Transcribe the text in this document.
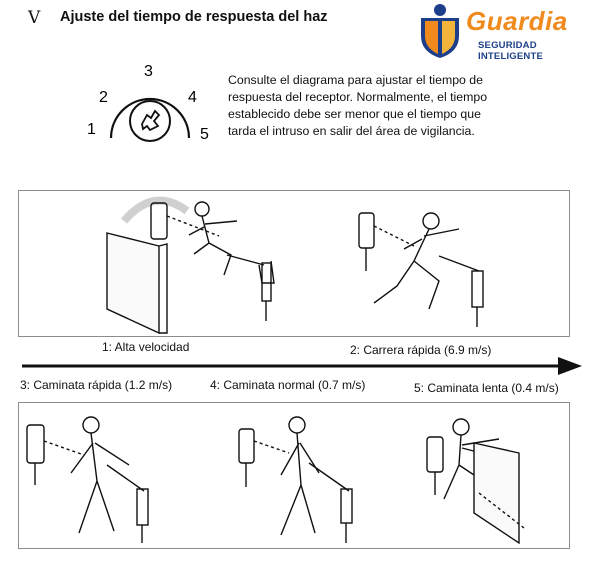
V Ajuste del tiempo de respuesta del haz	Guardia
SEGURIDAD INTELIGENTE
1
2
3
4
5
Consulte el diagrama para ajustar el tiempo de respuesta del receptor. Normalmente, el tiempo establecido debe ser menor que el tiempo que tarda el intruso en salir del área de vigilancia.
1: Alta velocidad	2: Carrera rápida (6.9 m/s)
3: Caminata rápida (1.2 m/s)	4: Caminata normal (0.7 m/s)	5: Caminata lenta (0.4 m/s)
